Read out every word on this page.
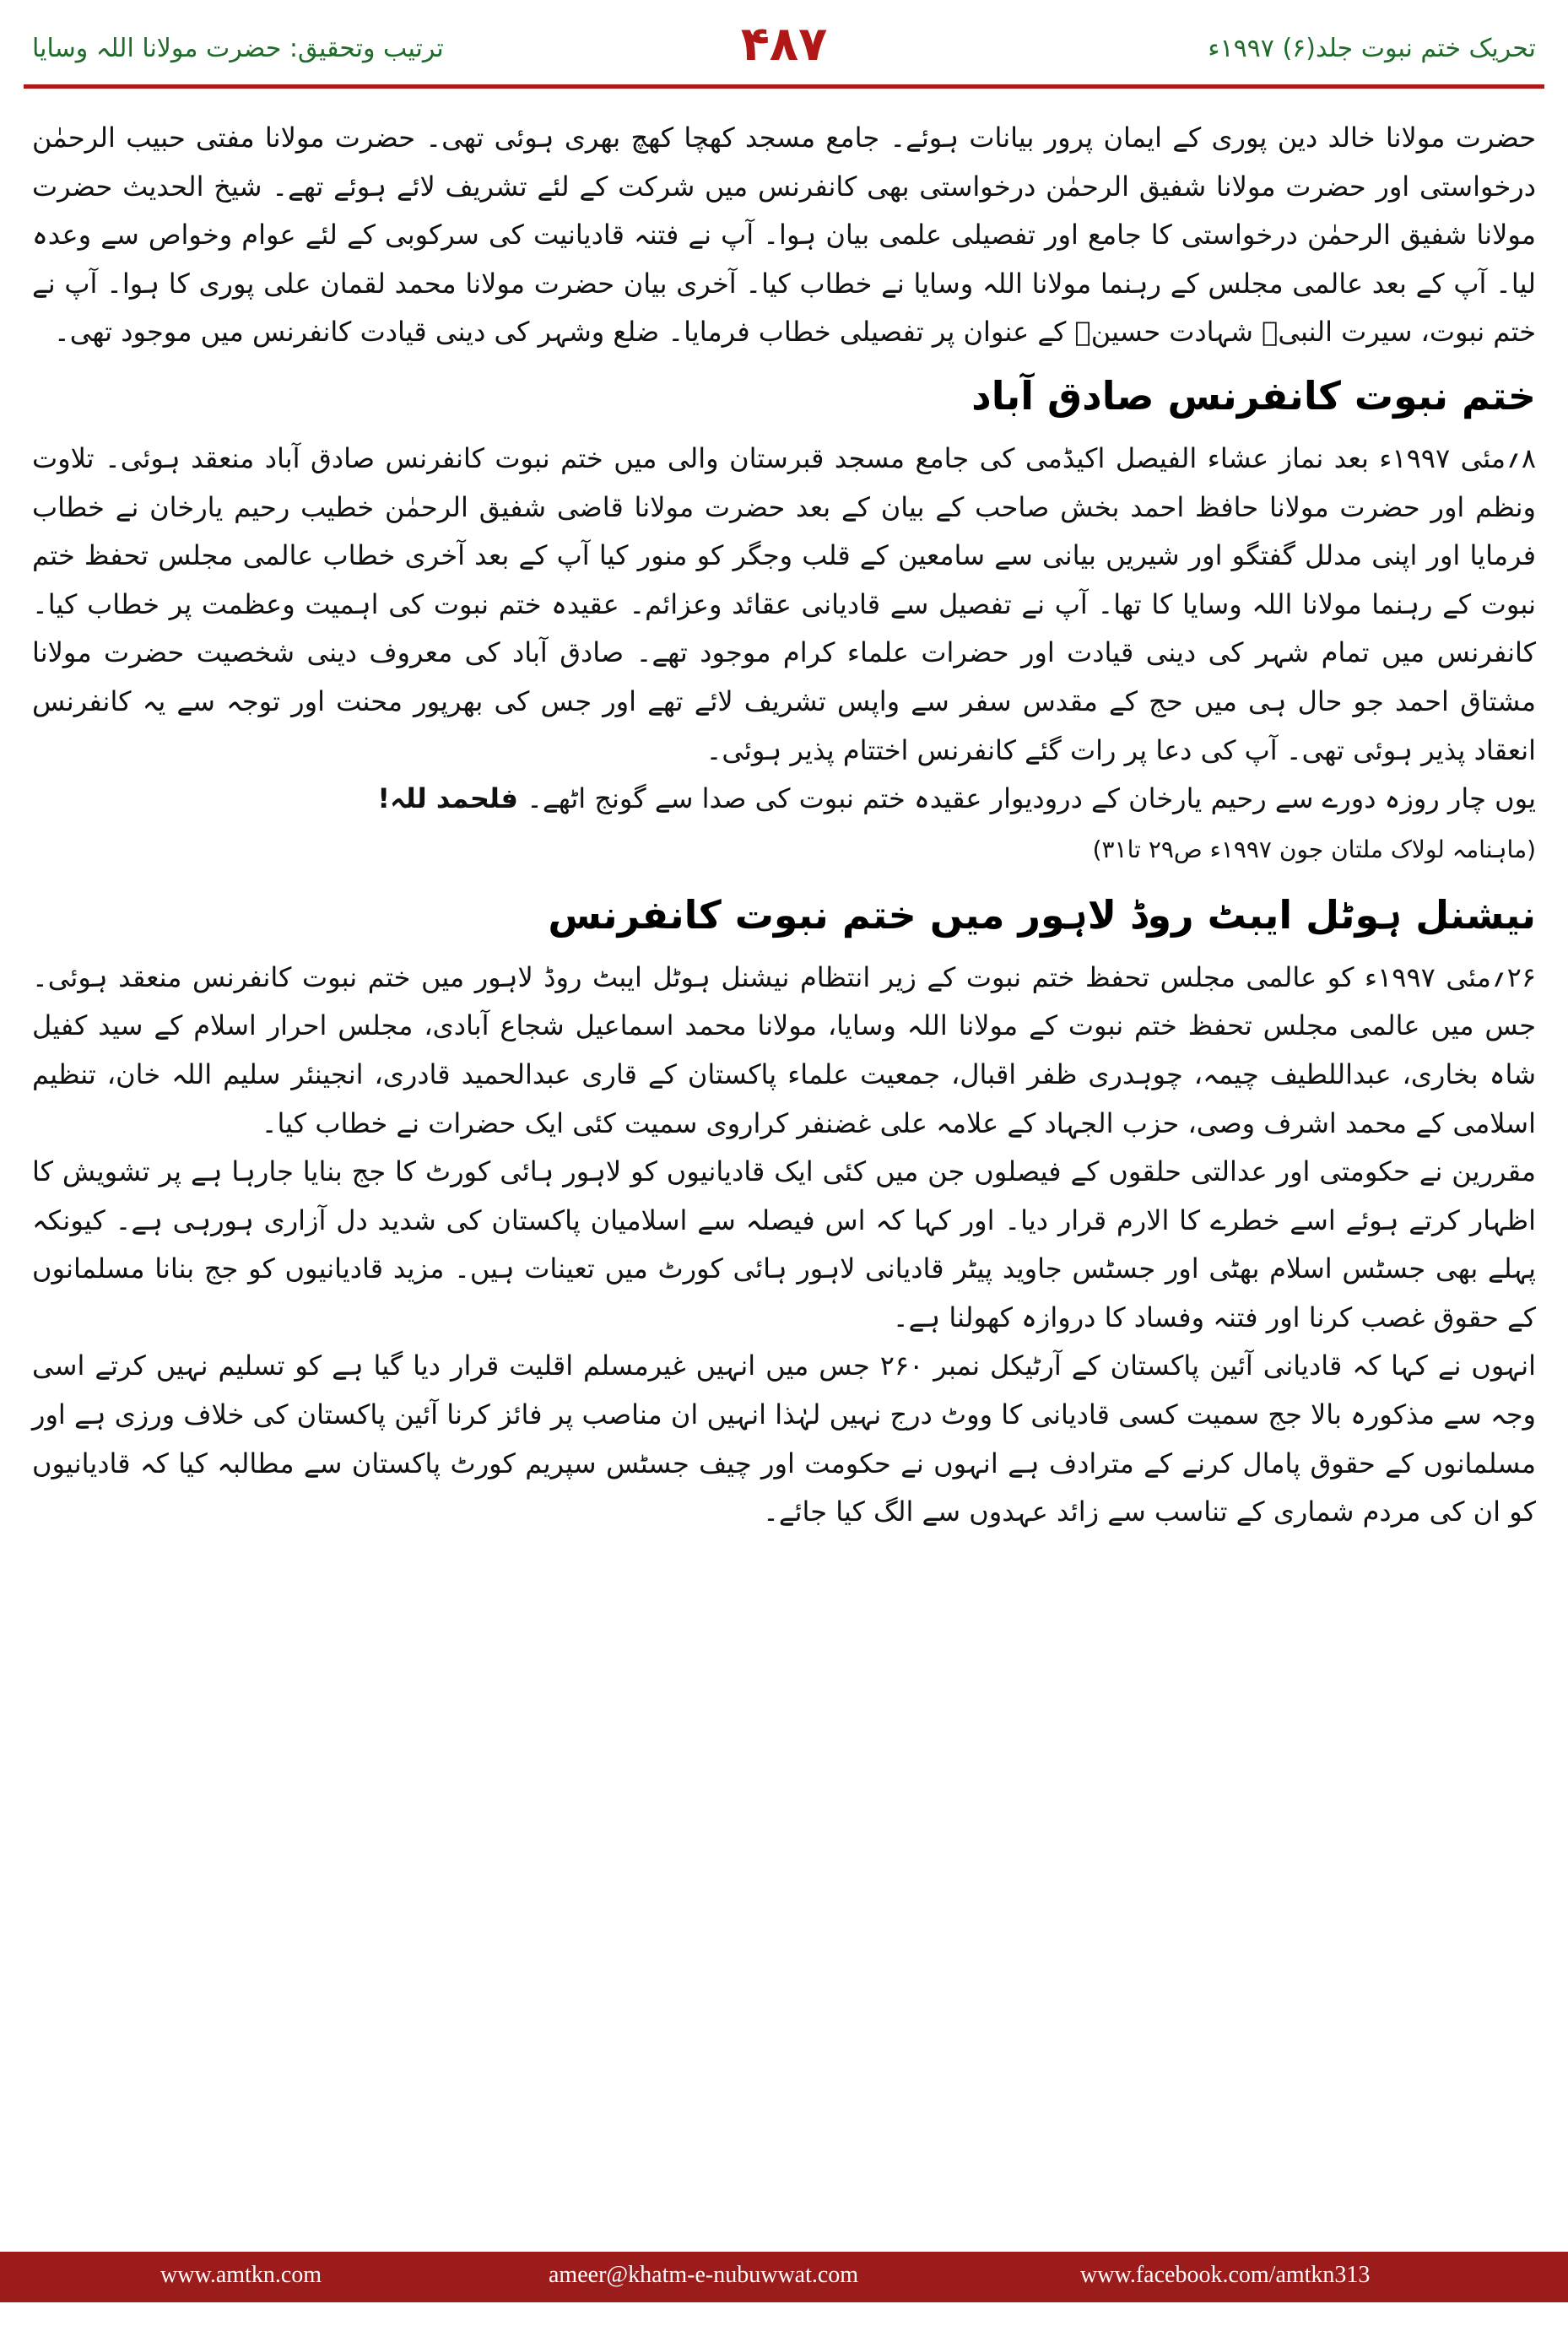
ترتیب وتحقیق: حضرت مولانا اللہ وسایا	۴۸۷	تحریک ختم نبوت جلد(۶) ۱۹۹۷ء

حضرت مولانا خالد دین پوری کے ایمان پرور بیانات ہوئے۔ جامع مسجد کھچا کھچ بھری ہوئی تھی۔ حضرت مولانا مفتی حبیب الرحمٰن درخواستی اور حضرت مولانا شفیق الرحمٰن درخواستی بھی کانفرنس میں شرکت کے لئے تشریف لائے ہوئے تھے۔ شیخ الحدیث حضرت مولانا شفیق الرحمٰن درخواستی کا جامع اور تفصیلی علمی بیان ہوا۔ آپ نے فتنہ قادیانیت کی سرکوبی کے لئے عوام وخواص سے وعدہ لیا۔ آپ کے بعد عالمی مجلس کے رہنما مولانا اللہ وسایا نے خطاب کیا۔ آخری بیان حضرت مولانا محمد لقمان علی پوری کا ہوا۔ آپ نے ختم نبوت، سیرت النبیﷺ شہادت حسینؓ کے عنوان پر تفصیلی خطاب فرمایا۔ ضلع وشہر کی دینی قیادت کانفرنس میں موجود تھی۔

ختم نبوت کانفرنس صادق آباد

۸؍مئی ۱۹۹۷ء بعد نماز عشاء الفیصل اکیڈمی کی جامع مسجد قبرستان والی میں ختم نبوت کانفرنس صادق آباد منعقد ہوئی۔ تلاوت ونظم اور حضرت مولانا حافظ احمد بخش صاحب کے بیان کے بعد حضرت مولانا قاضی شفیق الرحمٰن خطیب رحیم یارخان نے خطاب فرمایا اور اپنی مدلل گفتگو اور شیریں بیانی سے سامعین کے قلب وجگر کو منور کیا آپ کے بعد آخری خطاب عالمی مجلس تحفظ ختم نبوت کے رہنما مولانا اللہ وسایا کا تھا۔ آپ نے تفصیل سے قادیانی عقائد وعزائم۔ عقیدہ ختم نبوت کی اہمیت وعظمت پر خطاب کیا۔ کانفرنس میں تمام شہر کی دینی قیادت اور حضرات علماء کرام موجود تھے۔ صادق آباد کی معروف دینی شخصیت حضرت مولانا مشتاق احمد جو حال ہی میں حج کے مقدس سفر سے واپس تشریف لائے تھے اور جس کی بھرپور محنت اور توجہ سے یہ کانفرنس انعقاد پذیر ہوئی تھی۔ آپ کی دعا پر رات گئے کانفرنس اختتام پذیر ہوئی۔

یوں چار روزہ دورے سے رحیم یارخان کے درودیوار عقیدہ ختم نبوت کی صدا سے گونج اٹھے۔ فلحمد للہ!

(ماہنامہ لولاک ملتان جون ۱۹۹۷ء ص۲۹ تا۳۱)

نیشنل ہوٹل ایبٹ روڈ لاہور میں ختم نبوت کانفرنس

۲۶؍مئی ۱۹۹۷ء کو عالمی مجلس تحفظ ختم نبوت کے زیر انتظام نیشنل ہوٹل ایبٹ روڈ لاہور میں ختم نبوت کانفرنس منعقد ہوئی۔ جس میں عالمی مجلس تحفظ ختم نبوت کے مولانا اللہ وسایا، مولانا محمد اسماعیل شجاع آبادی، مجلس احرار اسلام کے سید کفیل شاہ بخاری، عبداللطیف چیمہ، چوہدری ظفر اقبال، جمعیت علماء پاکستان کے قاری عبدالحمید قادری، انجینئر سلیم اللہ خان، تنظیم اسلامی کے محمد اشرف وصی، حزب الجہاد کے علامہ علی غضنفر کراروی سمیت کئی ایک حضرات نے خطاب کیا۔

مقررین نے حکومتی اور عدالتی حلقوں کے فیصلوں جن میں کئی ایک قادیانیوں کو لاہور ہائی کورٹ کا جج بنایا جارہا ہے پر تشویش کا اظہار کرتے ہوئے اسے خطرے کا الارم قرار دیا۔ اور کہا کہ اس فیصلہ سے اسلامیان پاکستان کی شدید دل آزاری ہورہی ہے۔ کیونکہ پہلے بھی جسٹس اسلام بھٹی اور جسٹس جاوید پیٹر قادیانی لاہور ہائی کورٹ میں تعینات ہیں۔ مزید قادیانیوں کو جج بنانا مسلمانوں کے حقوق غصب کرنا اور فتنہ وفساد کا دروازہ کھولنا ہے۔

انہوں نے کہا کہ قادیانی آئین پاکستان کے آرٹیکل نمبر ۲۶۰ جس میں انہیں غیرمسلم اقلیت قرار دیا گیا ہے کو تسلیم نہیں کرتے اسی وجہ سے مذکورہ بالا جج سمیت کسی قادیانی کا ووٹ درج نہیں لہٰذا انہیں ان مناصب پر فائز کرنا آئین پاکستان کی خلاف ورزی ہے اور مسلمانوں کے حقوق پامال کرنے کے مترادف ہے انہوں نے حکومت اور چیف جسٹس سپریم کورٹ پاکستان سے مطالبہ کیا کہ قادیانیوں کو ان کی مردم شماری کے تناسب سے زائد عہدوں سے الگ کیا جائے۔

www.amtkn.com	ameer@khatm-e-nubuwwat.com	www.facebook.com/amtkn313
